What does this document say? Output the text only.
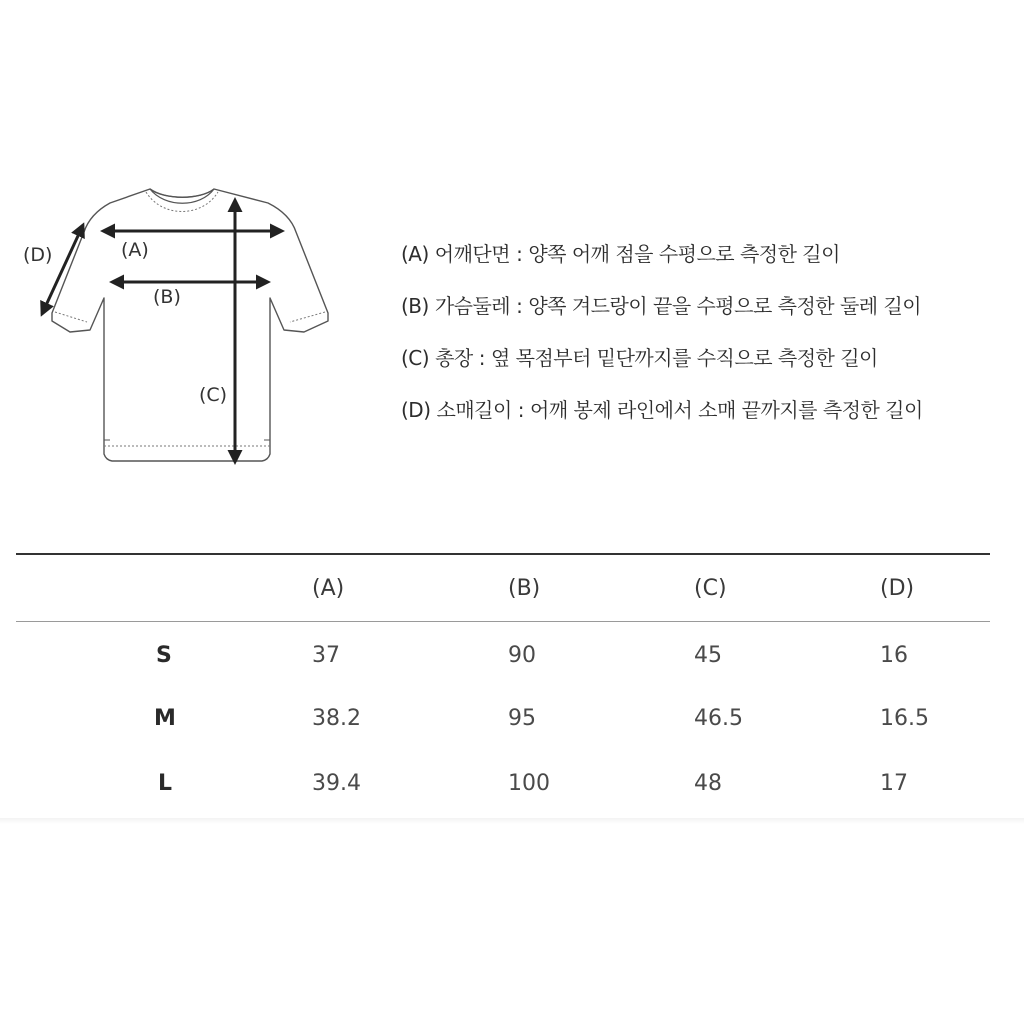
(D)	(A)
(B)
(C)
(A) 어깨단면 : 양쪽 어깨 점을 수평으로 측정한 길이
(B) 가슴둘레 : 양쪽 겨드랑이 끝을 수평으로 측정한 둘레 길이
(C) 총장 : 옆 목점부터 밑단까지를 수직으로 측정한 길이
(D) 소매길이 : 어깨 봉제 라인에서 소매 끝까지를 측정한 길이
	(A)	(B)	(C)	(D)
S	37	90	45	16
M	38.2	95	46.5	16.5
L	39.4	100	48	17
